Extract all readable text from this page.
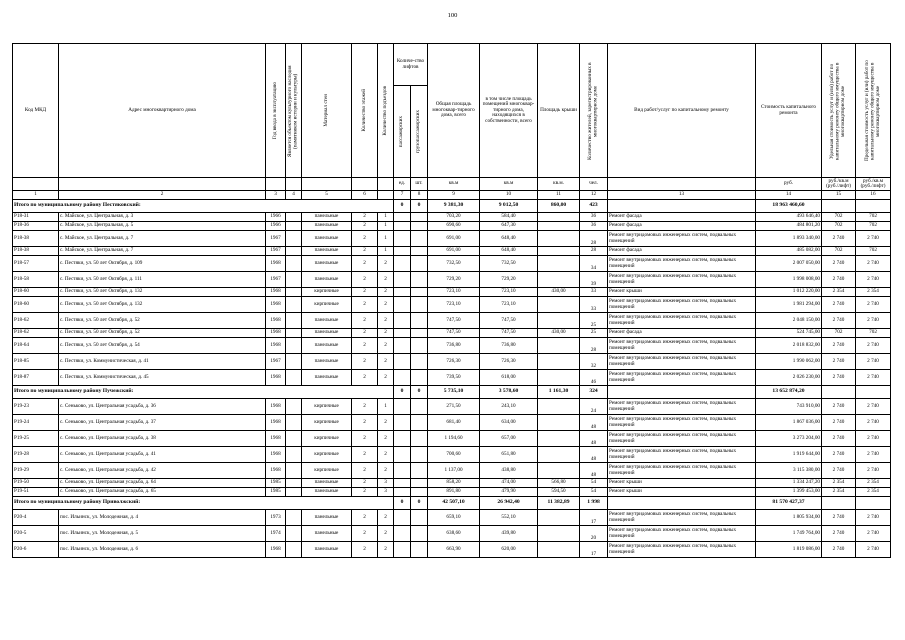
100
Код МКД	Адрес многоквартирного дома	Год ввода в эксплуатацию	Является объектом культурного наследия (памятником истории и культуры)	Материал стен	Количество этажей	Количество подъездов	Количе-ство лифтов		Общая площадь многоквар-тирного дома, всего	в том числе площадь помещений многоквар-тирного дома, находящихся в собственности, всего	Площадь крыши	Количество жителей, зарегистрированных в многоквартирном доме	Вид работ/услуг по капитальному ремонту	Стоимость капитального ремонта	Удельная стоимость услуг и (или) работ по капитальному ремонту общего имущества в многоквартирном доме	Предельная стоимость услуг и (или) работ по капитальному ремонту общего имущества в многоквартирном доме

							пассажирских	грузопассажирских								

							ед.	шт.	кв.м	кв.м	кв.м.	чел.		руб.	руб./кв.м (руб./лифт)	руб./кв.м (руб./лифт)
1	2	3	4	5	6		7	8	9	10	11	12	13	14	15	16
Итого по муниципальному району Пестяковский:							0	0	9 381,30	9 012,50	860,00	423		18 963 460,60		
P18-31	с. Майское, ул. Центральная, д. 3	1966		панельные	2	1			703,20	584,40		36	Ремонт фасада	493 646,40	702	702
P18-36	с. Майское, ул. Центральная, д. 5	1966		панельные	2	1			690,60	647,30		36	Ремонт фасада	484 801,20	702	702
P18-38	с. Майское, ул. Центральная, д. 7	1967		панельные	2	1			691,00	648,40		28	Ремонт внутридомовых инженерных систем, подвальных помещений	1 893 340,00	2 740	2 740
P18-38	с. Майское, ул. Центральная, д. 7	1967		панельные	2	1			691,00	648,40		28	Ремонт фасада	485 082,00	702	702
P18-57	с. Пестяки, ул. 50 лет Октября, д. 109	1968		панельные	2	2			732,50	732,50		34	Ремонт внутридомовых инженерных систем, подвальных помещений	2 007 050,00	2 740	2 740
P18-58	с. Пестяки, ул. 50 лет Октября, д. 111	1967		панельные	2	2			729,20	729,20		39	Ремонт внутридомовых инженерных систем, подвальных помещений	1 998 008,00	2 740	2 740
P18-60	с. Пестяки, ул. 50 лет Октября, д. 132	1968		кирпичные	2	2			723,10	723,10	430,00	33	Ремонт крыши	1 012 220,00	2 354	2 354
P18-60	с. Пестяки, ул. 50 лет Октября, д. 132	1968		кирпичные	2	2			723,10	723,10		33	Ремонт внутридомовых инженерных систем, подвальных помещений	1 981 294,00	2 740	2 740
P18-62	с. Пестяки, ул. 50 лет Октября, д. 52	1968		панельные	2	2			747,50	747,50		25	Ремонт внутридомовых инженерных систем, подвальных помещений	2 048 150,00	2 740	2 740
P18-62	с. Пестяки, ул. 50 лет Октября, д. 52	1968		панельные	2	2			747,50	747,50	430,00	25	Ремонт фасада	524 745,00	702	702
P18-64	с. Пестяки, ул. 50 лет Октября, д. 54	1968		панельные	2	2			736,80	736,80		28	Ремонт внутридомовых инженерных систем, подвальных помещений	2 018 832,00	2 740	2 740
P18-85	с. Пестяки, ул. Коммунистическая, д. 41	1967		панельные	2	2			726,30	726,30		32	Ремонт внутридомовых инженерных систем, подвальных помещений	1 990 062,00	2 740	2 740
P18-87	с. Пестяки, ул. Коммунистическая, д. 45	1968		панельные	2	2			739,50	618,00		46	Ремонт внутридомовых инженерных систем, подвальных помещений	2 026 230,00	2 740	2 740
Итого по муниципальному району Пучежский:							0	0	5 735,10	3 578,60	1 161,30	324		13 652 874,20		
P19-23	с. Сеньково, ул. Центральная усадьба, д. 36	1968		кирпичные	2	1			271,50	243,10		24	Ремонт внутридомовых инженерных систем, подвальных помещений	743 910,00	2 740	2 740
P19-24	с. Сеньково, ул. Центральная усадьба, д. 37	1968		кирпичные	2	2			681,40	634,00		48	Ремонт внутридомовых инженерных систем, подвальных помещений	1 867 036,00	2 740	2 740
P19-25	с. Сеньково, ул. Центральная усадьба, д. 38	1968		кирпичные	2	2			1 194,60	657,00		48	Ремонт внутридомовых инженерных систем, подвальных помещений	3 273 204,00	2 740	2 740
P19-28	с. Сеньково, ул. Центральная усадьба, д. 41	1968		кирпичные	2	2			700,60	651,80		48	Ремонт внутридомовых инженерных систем, подвальных помещений	1 919 644,00	2 740	2 740
P19-29	с. Сеньково, ул. Центральная усадьба, д. 42	1968		кирпичные	2	2			1 137,00	438,80		48	Ремонт внутридомовых инженерных систем, подвальных помещений	3 115 380,00	2 740	2 740
P19-50	с. Сеньково, ул. Центральная усадьба, д. 64	1985		панельные	2	3			858,20	474,00	566,80	54	Ремонт крыши	1 334 247,20	2 354	2 354
P19-51	с. Сеньково, ул. Центральная усадьба, д. 65	1985		панельные	2	3			891,80	479,90	594,50	54	Ремонт крыши	1 399 453,00	2 354	2 354
Итого по муниципальному району Приволжский:							0	0	42 507,10	26 942,40	11 382,89	1 998		81 570 427,37		
P20-4	пос. Ильинск, ул. Молодежная, д. 4	1973		панельные	2	2			659,10	552,10		17	Ремонт внутридомовых инженерных систем, подвальных помещений	1 805 934,00	2 740	2 740
P20-5	пос. Ильинск, ул. Молодежная, д. 5	1974		панельные	2	2			638,60	439,80		20	Ремонт внутридомовых инженерных систем, подвальных помещений	1 749 764,00	2 740	2 740
P20-6	пос. Ильинск, ул. Молодежная, д. 6	1968		панельные	2	2			663,90	620,00		17	Ремонт внутридомовых инженерных систем, подвальных помещений	1 819 086,00	2 740	2 740
